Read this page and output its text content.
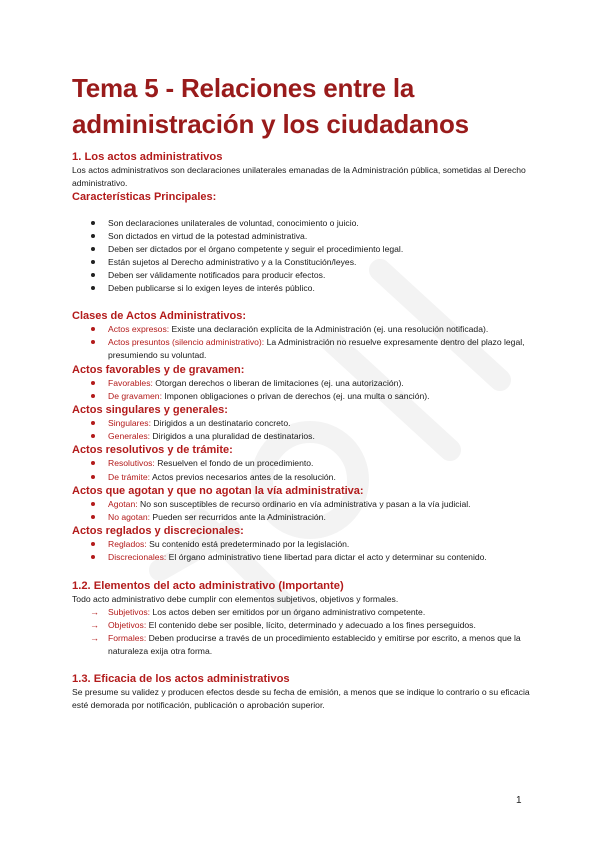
Tema 5 - Relaciones entre la administración y los ciudadanos
1. Los actos administrativos

Los actos administrativos son declaraciones unilaterales emanadas de la Administración pública, sometidas al Derecho administrativo.

Características Principales:
Son declaraciones unilaterales de voluntad, conocimiento o juicio.
Son dictados en virtud de la potestad administrativa.
Deben ser dictados por el órgano competente y seguir el procedimiento legal.
Están sujetos al Derecho administrativo y a la Constitución/leyes.
Deben ser válidamente notificados para producir efectos.
Deben publicarse si lo exigen leyes de interés público.
Clases de Actos Administrativos:
Actos expresos: Existe una declaración explícita de la Administración (ej. una resolución notificada).
Actos presuntos (silencio administrativo): La Administración no resuelve expresamente dentro del plazo legal, presumiendo su voluntad.
Actos favorables y de gravamen:
Favorables: Otorgan derechos o liberan de limitaciones (ej. una autorización).
De gravamen: Imponen obligaciones o privan de derechos (ej. una multa o sanción).
Actos singulares y generales:
Singulares: Dirigidos a un destinatario concreto.
Generales: Dirigidos a una pluralidad de destinatarios.
Actos resolutivos y de trámite:
Resolutivos: Resuelven el fondo de un procedimiento.
De trámite: Actos previos necesarios antes de la resolución.
Actos que agotan y que no agotan la vía administrativa:
Agotan: No son susceptibles de recurso ordinario en vía administrativa y pasan a la vía judicial.
No agotan: Pueden ser recurridos ante la Administración.
Actos reglados y discrecionales:
Reglados: Su contenido está predeterminado por la legislación.
Discrecionales: El órgano administrativo tiene libertad para dictar el acto y determinar su contenido.
1.2. Elementos del acto administrativo (Importante)

Todo acto administrativo debe cumplir con elementos subjetivos, objetivos y formales.

→ Subjetivos: Los actos deben ser emitidos por un órgano administrativo competente.
→ Objetivos: El contenido debe ser posible, lícito, determinado y adecuado a los fines perseguidos.
→ Formales: Deben producirse a través de un procedimiento establecido y emitirse por escrito, a menos que la naturaleza exija otra forma.
1.3. Eficacia de los actos administrativos

Se presume su validez y producen efectos desde su fecha de emisión, a menos que se indique lo contrario o su eficacia esté demorada por notificación, publicación o aprobación superior.

1
